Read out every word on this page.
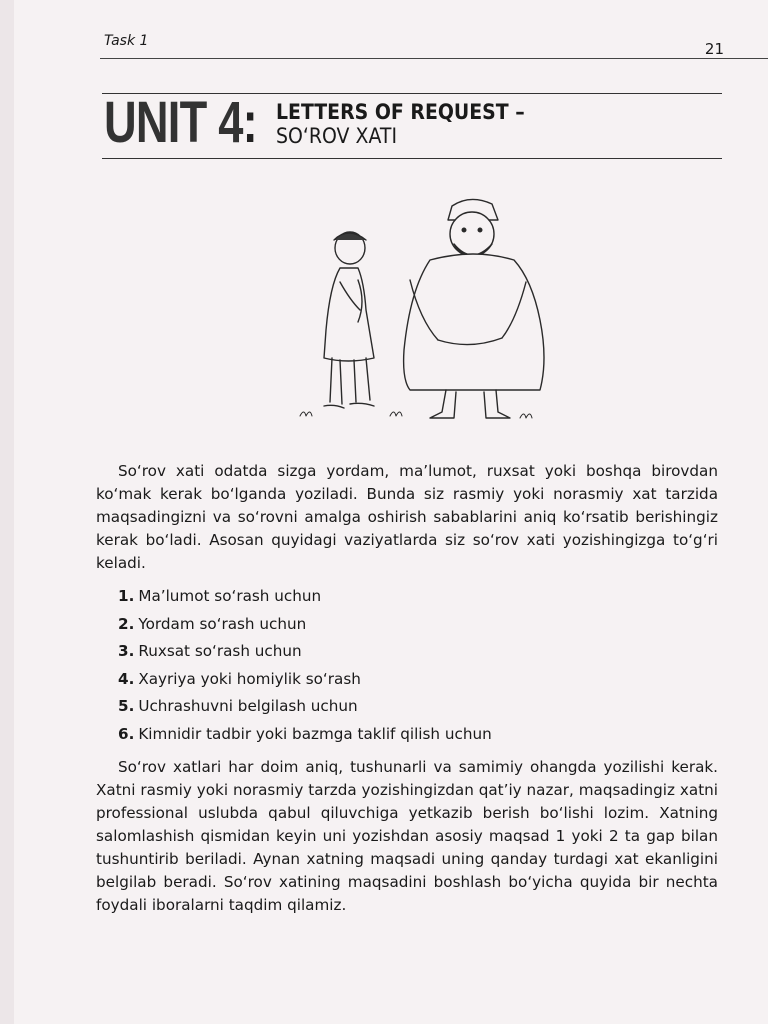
Task 1	21
UNIT 4: LETTERS OF REQUEST –
SO‘ROV XATI
So‘rov xati odatda sizga yordam, ma’lumot, ruxsat yoki boshqa birovdan ko‘mak kerak bo‘lganda yoziladi. Bunda siz rasmiy yoki norasmiy xat tarzida maqsadingizni va so‘rovni amalga oshirish sabablarini aniq ko‘rsatib berishingiz kerak bo‘ladi. Asosan quyidagi vaziyatlarda siz so‘rov xati yozishingizga to‘g‘ri keladi.
1. Ma’lumot so‘rash uchun
2. Yordam so‘rash uchun
3. Ruxsat so‘rash uchun
4. Xayriya yoki homiylik so‘rash
5. Uchrashuvni belgilash uchun
6. Kimnidir tadbir yoki bazmga taklif qilish uchun
So‘rov xatlari har doim aniq, tushunarli va samimiy ohangda yozilishi kerak. Xatni rasmiy yoki norasmiy tarzda yozishingizdan qat’iy nazar, maqsadingiz xatni professional uslubda qabul qiluvchiga yetkazib berish bo‘lishi lozim. Xatning salomlashish qismidan keyin uni yozishdan asosiy maqsad 1 yoki 2 ta gap bilan tushuntirib beriladi. Aynan xatning maqsadi uning qanday turdagi xat ekanligini belgilab beradi. So‘rov xatining maqsadini boshlash bo‘yicha quyida bir nechta foydali iboralarni taqdim qilamiz.
